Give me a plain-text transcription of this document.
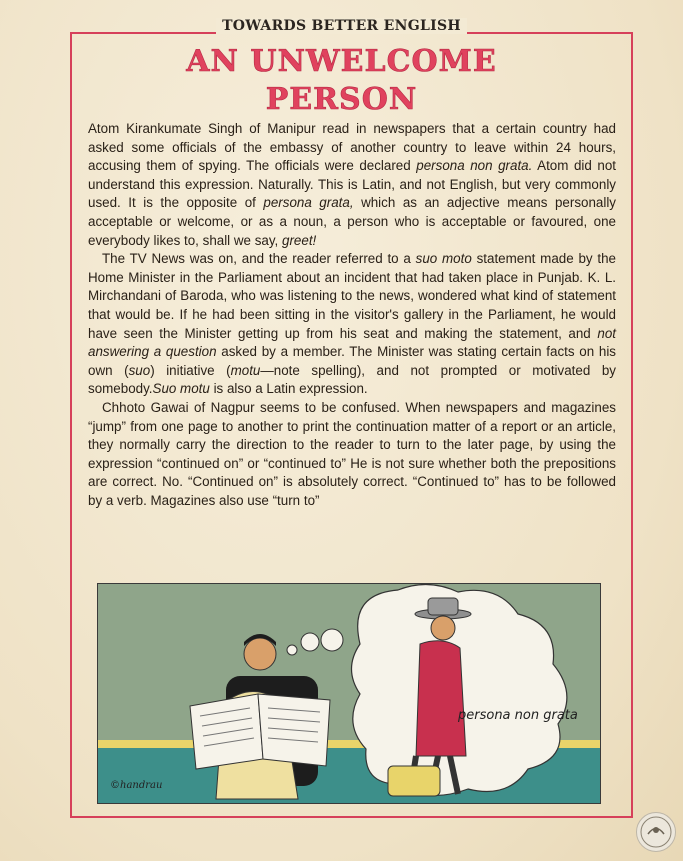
TOWARDS BETTER ENGLISH
AN UNWELCOME
PERSON

Atom Kirankumate Singh of Manipur read in newspapers that a certain country had asked some officials of the embassy of another country to leave within 24 hours, accusing them of spying. The officials were declared persona non grata. Atom did not understand this expression. Naturally. This is Latin, and not English, but very commonly used. It is the opposite of persona grata, which as an adjective means personally acceptable or welcome, or as a noun, a person who is acceptable or favoured, one everybody likes to, shall we say, greet!

The TV News was on, and the reader referred to a suo moto statement made by the Home Minister in the Parliament about an incident that had taken place in Punjab. K. L. Mirchandani of Baroda, who was listening to the news, wondered what kind of statement that would be. If he had been sitting in the visitor's gallery in the Parliament, he would have seen the Minister getting up from his seat and making the statement, and not answering a question asked by a member. The Minister was stating certain facts on his own (suo) initiative (motu—note spelling), and not prompted or motivated by somebody.Suo motu is also a Latin expression.

Chhoto Gawai of Nagpur seems to be confused. When newspapers and magazines “jump” from one page to another to print the continuation matter of a report or an article, they normally carry the direction to the reader to turn to the later page, by using the expression “continued on” or “continued to” He is not sure whether both the prepositions are correct. No. “Continued on” is absolutely correct. “Continued to” has to be followed by a verb. Magazines also use “turn to”

persona non grata
©handrau
